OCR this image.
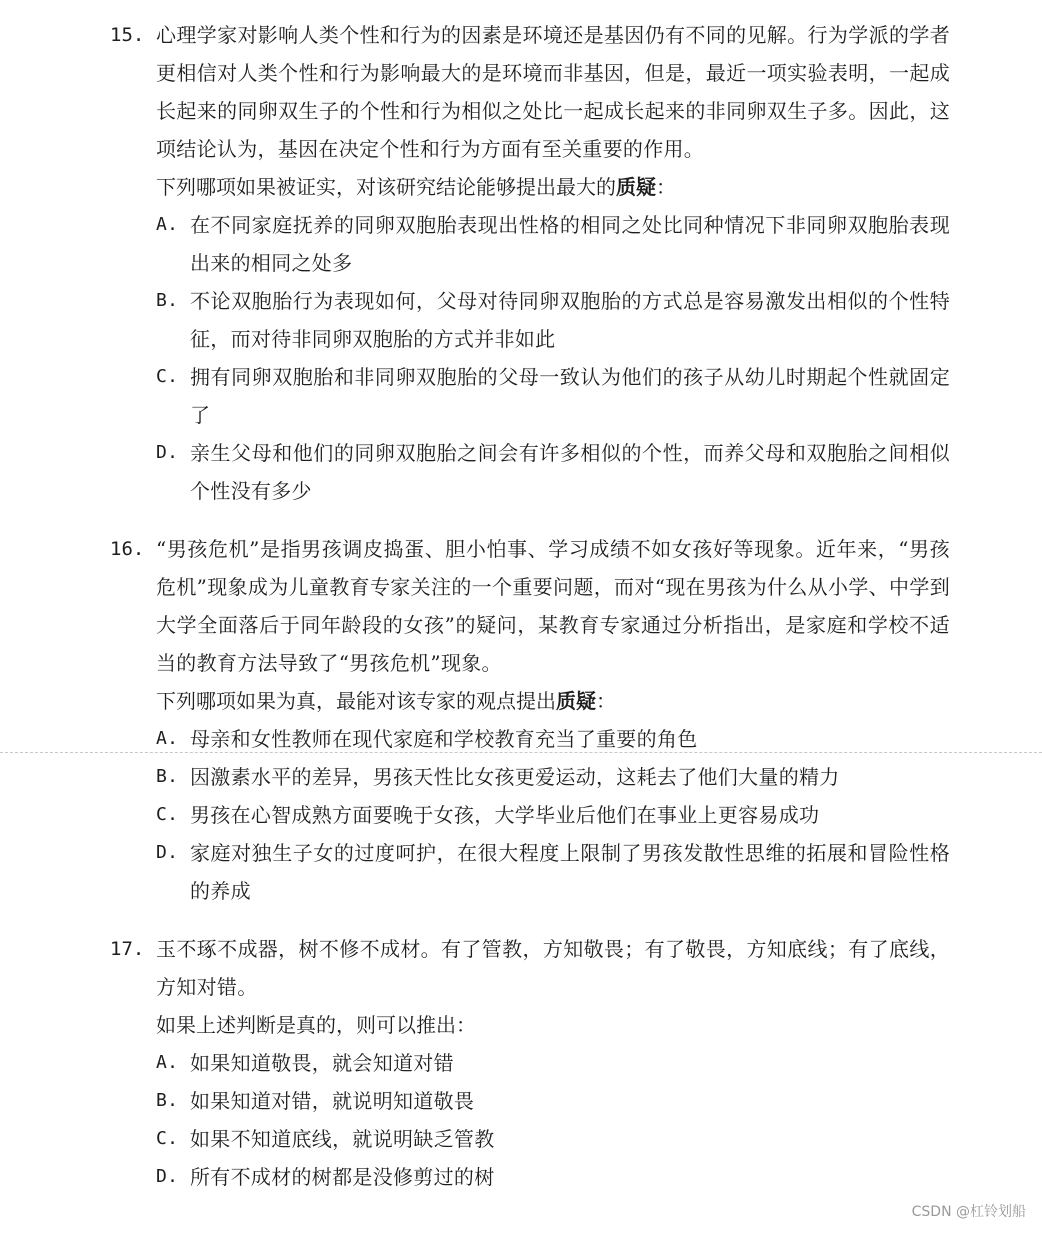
15. 心理学家对影响人类个性和行为的因素是环境还是基因仍有不同的见解。行为学派的学者更相信对人类个性和行为影响最大的是环境而非基因，但是，最近一项实验表明，一起成长起来的同卵双生子的个性和行为相似之处比一起成长起来的非同卵双生子多。因此，这项结论认为，基因在决定个性和行为方面有至关重要的作用。
下列哪项如果被证实，对该研究结论能够提出最大的质疑：
A. 在不同家庭抚养的同卵双胞胎表现出性格的相同之处比同种情况下非同卵双胞胎表现出来的相同之处多
B. 不论双胞胎行为表现如何，父母对待同卵双胞胎的方式总是容易激发出相似的个性特征，而对待非同卵双胞胎的方式并非如此
C. 拥有同卵双胞胎和非同卵双胞胎的父母一致认为他们的孩子从幼儿时期起个性就固定了
D. 亲生父母和他们的同卵双胞胎之间会有许多相似的个性，而养父母和双胞胎之间相似个性没有多少
16. “男孩危机”是指男孩调皮捣蛋、胆小怕事、学习成绩不如女孩好等现象。近年来，“男孩危机”现象成为儿童教育专家关注的一个重要问题，而对“现在男孩为什么从小学、中学到大学全面落后于同年龄段的女孩”的疑问，某教育专家通过分析指出，是家庭和学校不适当的教育方法导致了“男孩危机”现象。
下列哪项如果为真，最能对该专家的观点提出质疑：
A. 母亲和女性教师在现代家庭和学校教育充当了重要的角色
B. 因激素水平的差异，男孩天性比女孩更爱运动，这耗去了他们大量的精力
C. 男孩在心智成熟方面要晚于女孩，大学毕业后他们在事业上更容易成功
D. 家庭对独生子女的过度呵护，在很大程度上限制了男孩发散性思维的拓展和冒险性格的养成
17. 玉不琢不成器，树不修不成材。有了管教，方知敬畏；有了敬畏，方知底线；有了底线，方知对错。
如果上述判断是真的，则可以推出：
A. 如果知道敬畏，就会知道对错
B. 如果知道对错，就说明知道敬畏
C. 如果不知道底线，就说明缺乏管教
D. 所有不成材的树都是没修剪过的树
CSDN @杠铃划船
